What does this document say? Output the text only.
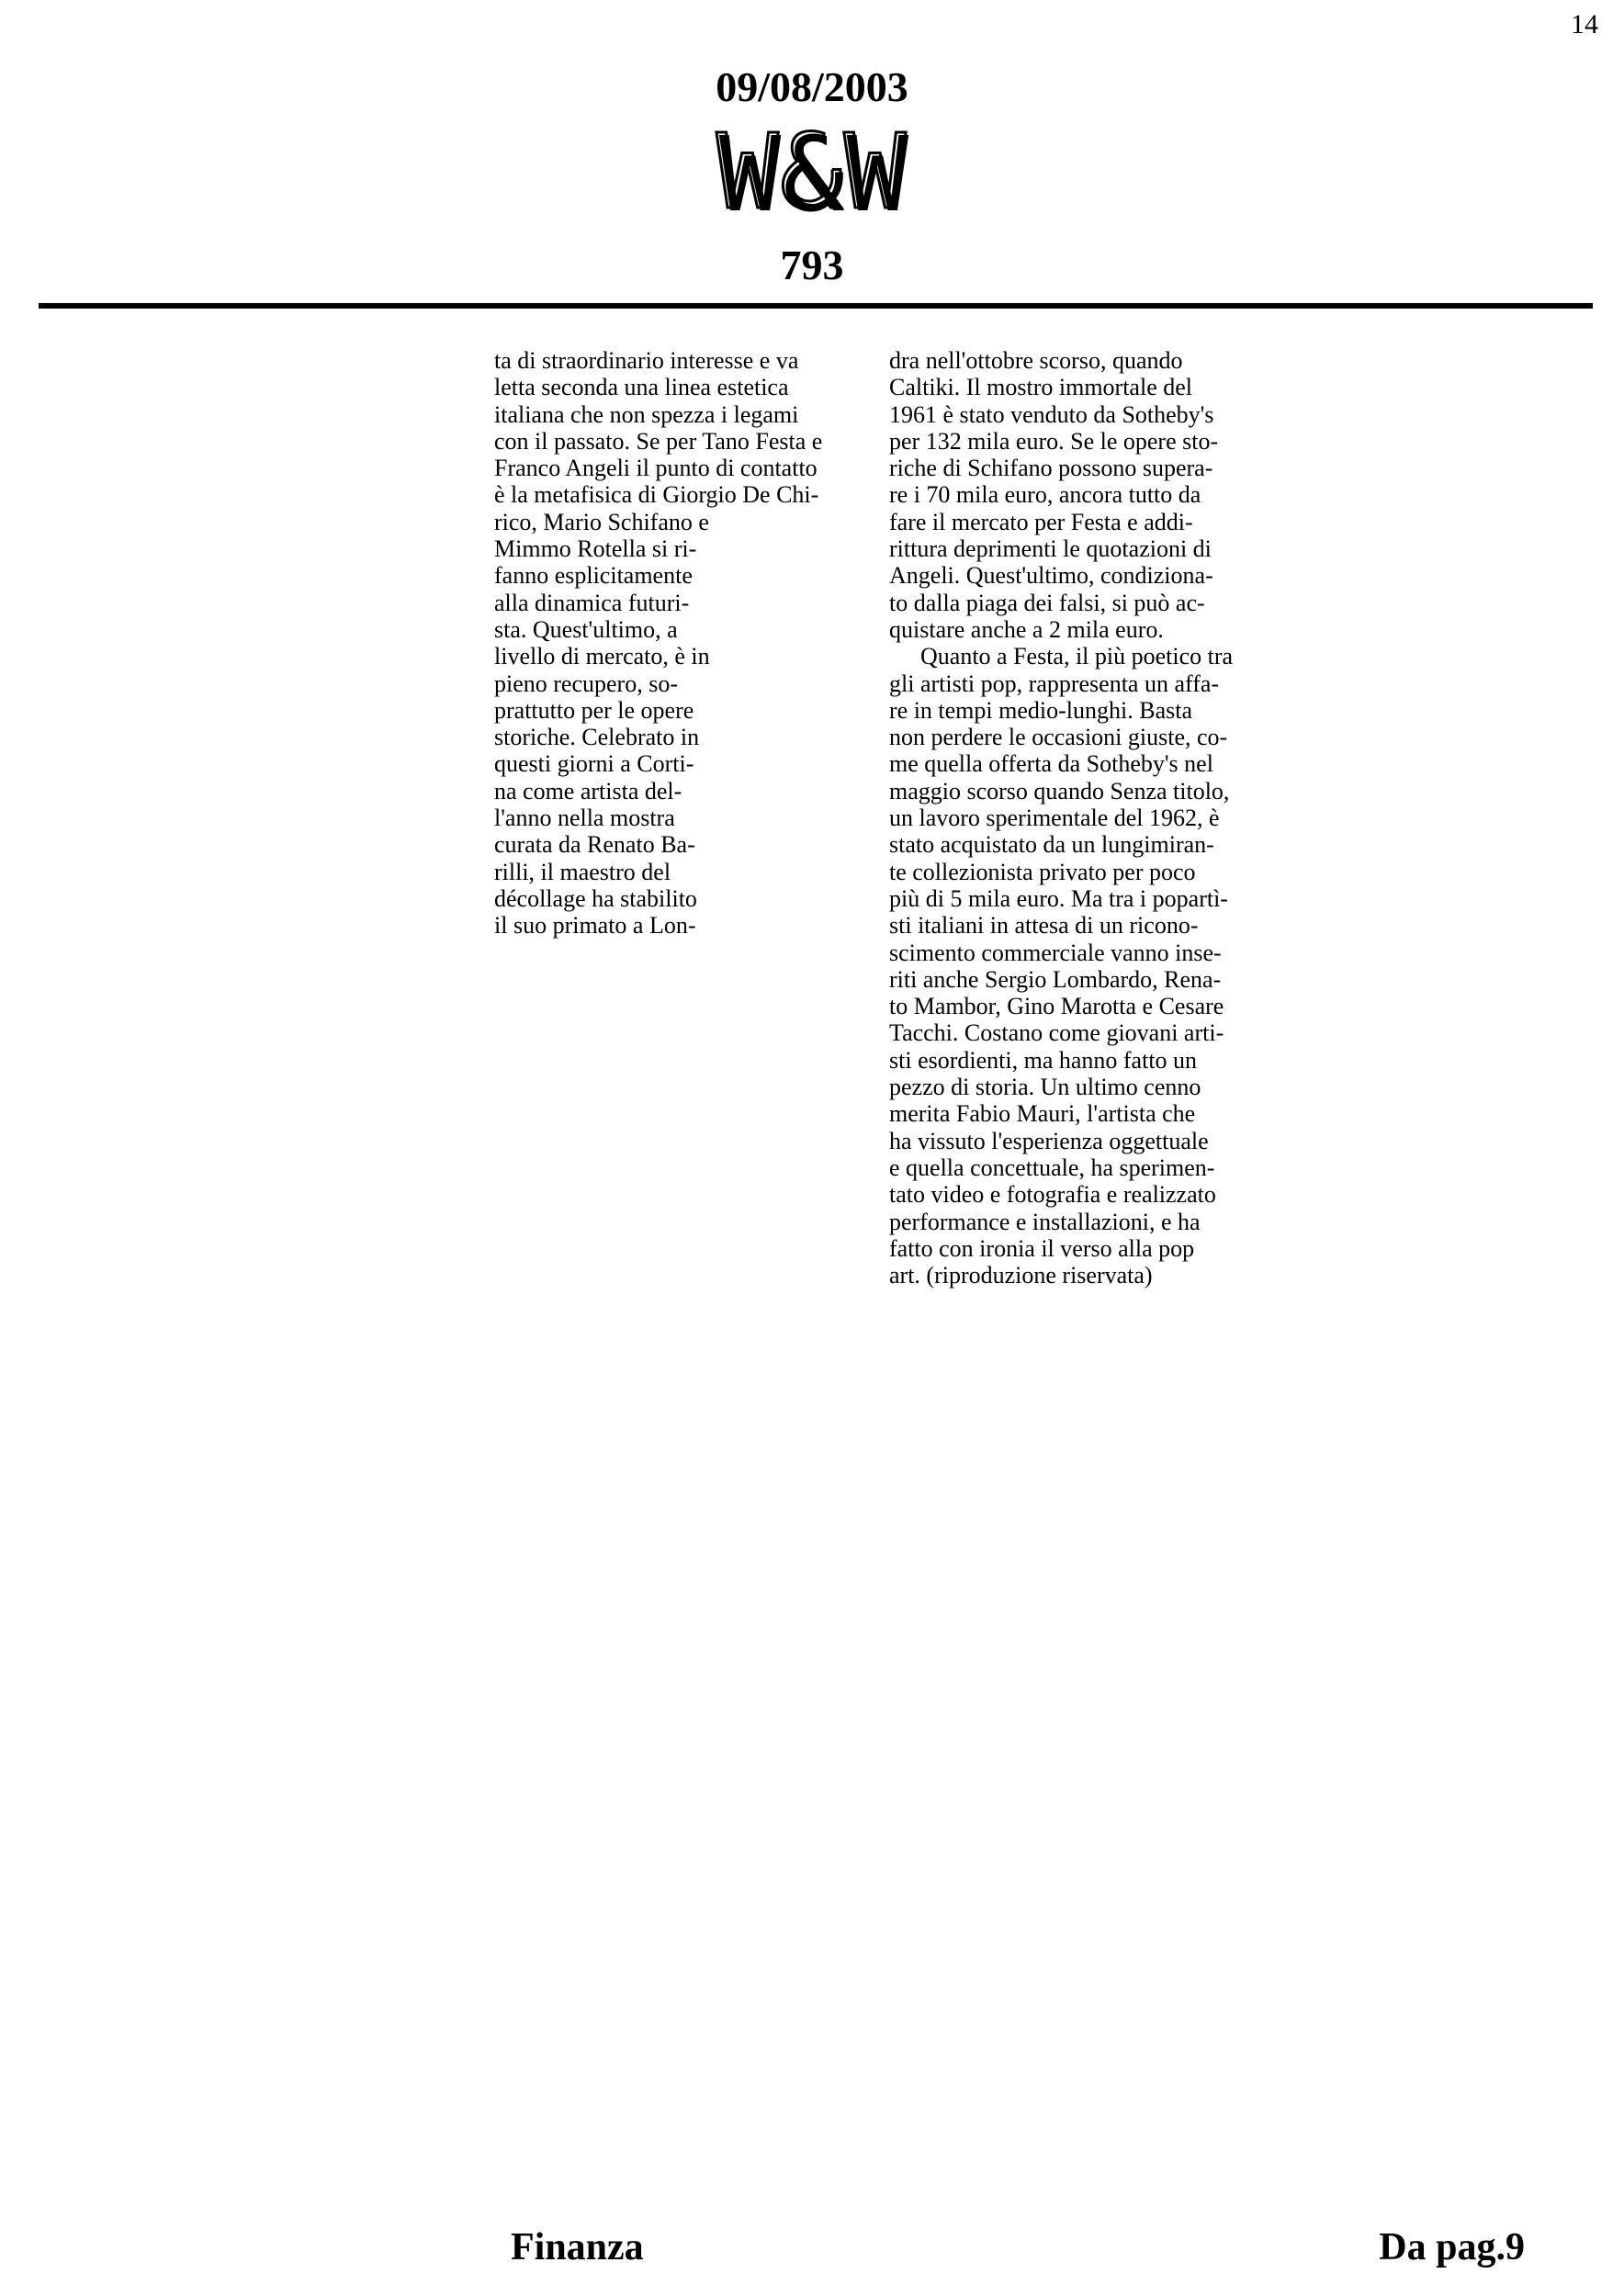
14
09/08/2003
W&W
793
ta di straordinario interesse e va
letta seconda una linea estetica
italiana che non spezza i legami
con il passato. Se per Tano Festa e
Franco Angeli il punto di contatto
è la metafisica di Giorgio De Chi-
rico, Mario Schifano e
Mimmo Rotella si ri-
fanno esplicitamente
alla dinamica futuri-
sta. Quest'ultimo, a
livello di mercato, è in
pieno recupero, so-
prattutto per le opere
storiche. Celebrato in
questi giorni a Corti-
na come artista del-
l'anno nella mostra
curata da Renato Ba-
rilli, il maestro del
décollage ha stabilito
il suo primato a Lon-
dra nell'ottobre scorso, quando
Caltiki. Il mostro immortale del
1961 è stato venduto da Sotheby's
per 132 mila euro. Se le opere sto-
riche di Schifano possono supera-
re i 70 mila euro, ancora tutto da
fare il mercato per Festa e addi-
rittura deprimenti le quotazioni di
Angeli. Quest'ultimo, condiziona-
to dalla piaga dei falsi, si può ac-
quistare anche a 2 mila euro.
Quanto a Festa, il più poetico tra
gli artisti pop, rappresenta un affa-
re in tempi medio-lunghi. Basta
non perdere le occasioni giuste, co-
me quella offerta da Sotheby's nel
maggio scorso quando Senza titolo,
un lavoro sperimentale del 1962, è
stato acquistato da un lungimiran-
te collezionista privato per poco
più di 5 mila euro. Ma tra i popartì-
sti italiani in attesa di un ricono-
scimento commerciale vanno inse-
riti anche Sergio Lombardo, Rena-
to Mambor, Gino Marotta e Cesare
Tacchi. Costano come giovani arti-
sti esordienti, ma hanno fatto un
pezzo di storia. Un ultimo cenno
merita Fabio Mauri, l'artista che
ha vissuto l'esperienza oggettuale
e quella concettuale, ha sperimen-
tato video e fotografia e realizzato
performance e installazioni, e ha
fatto con ironia il verso alla pop
art. (riproduzione riservata)
Finanza	Da pag.9
